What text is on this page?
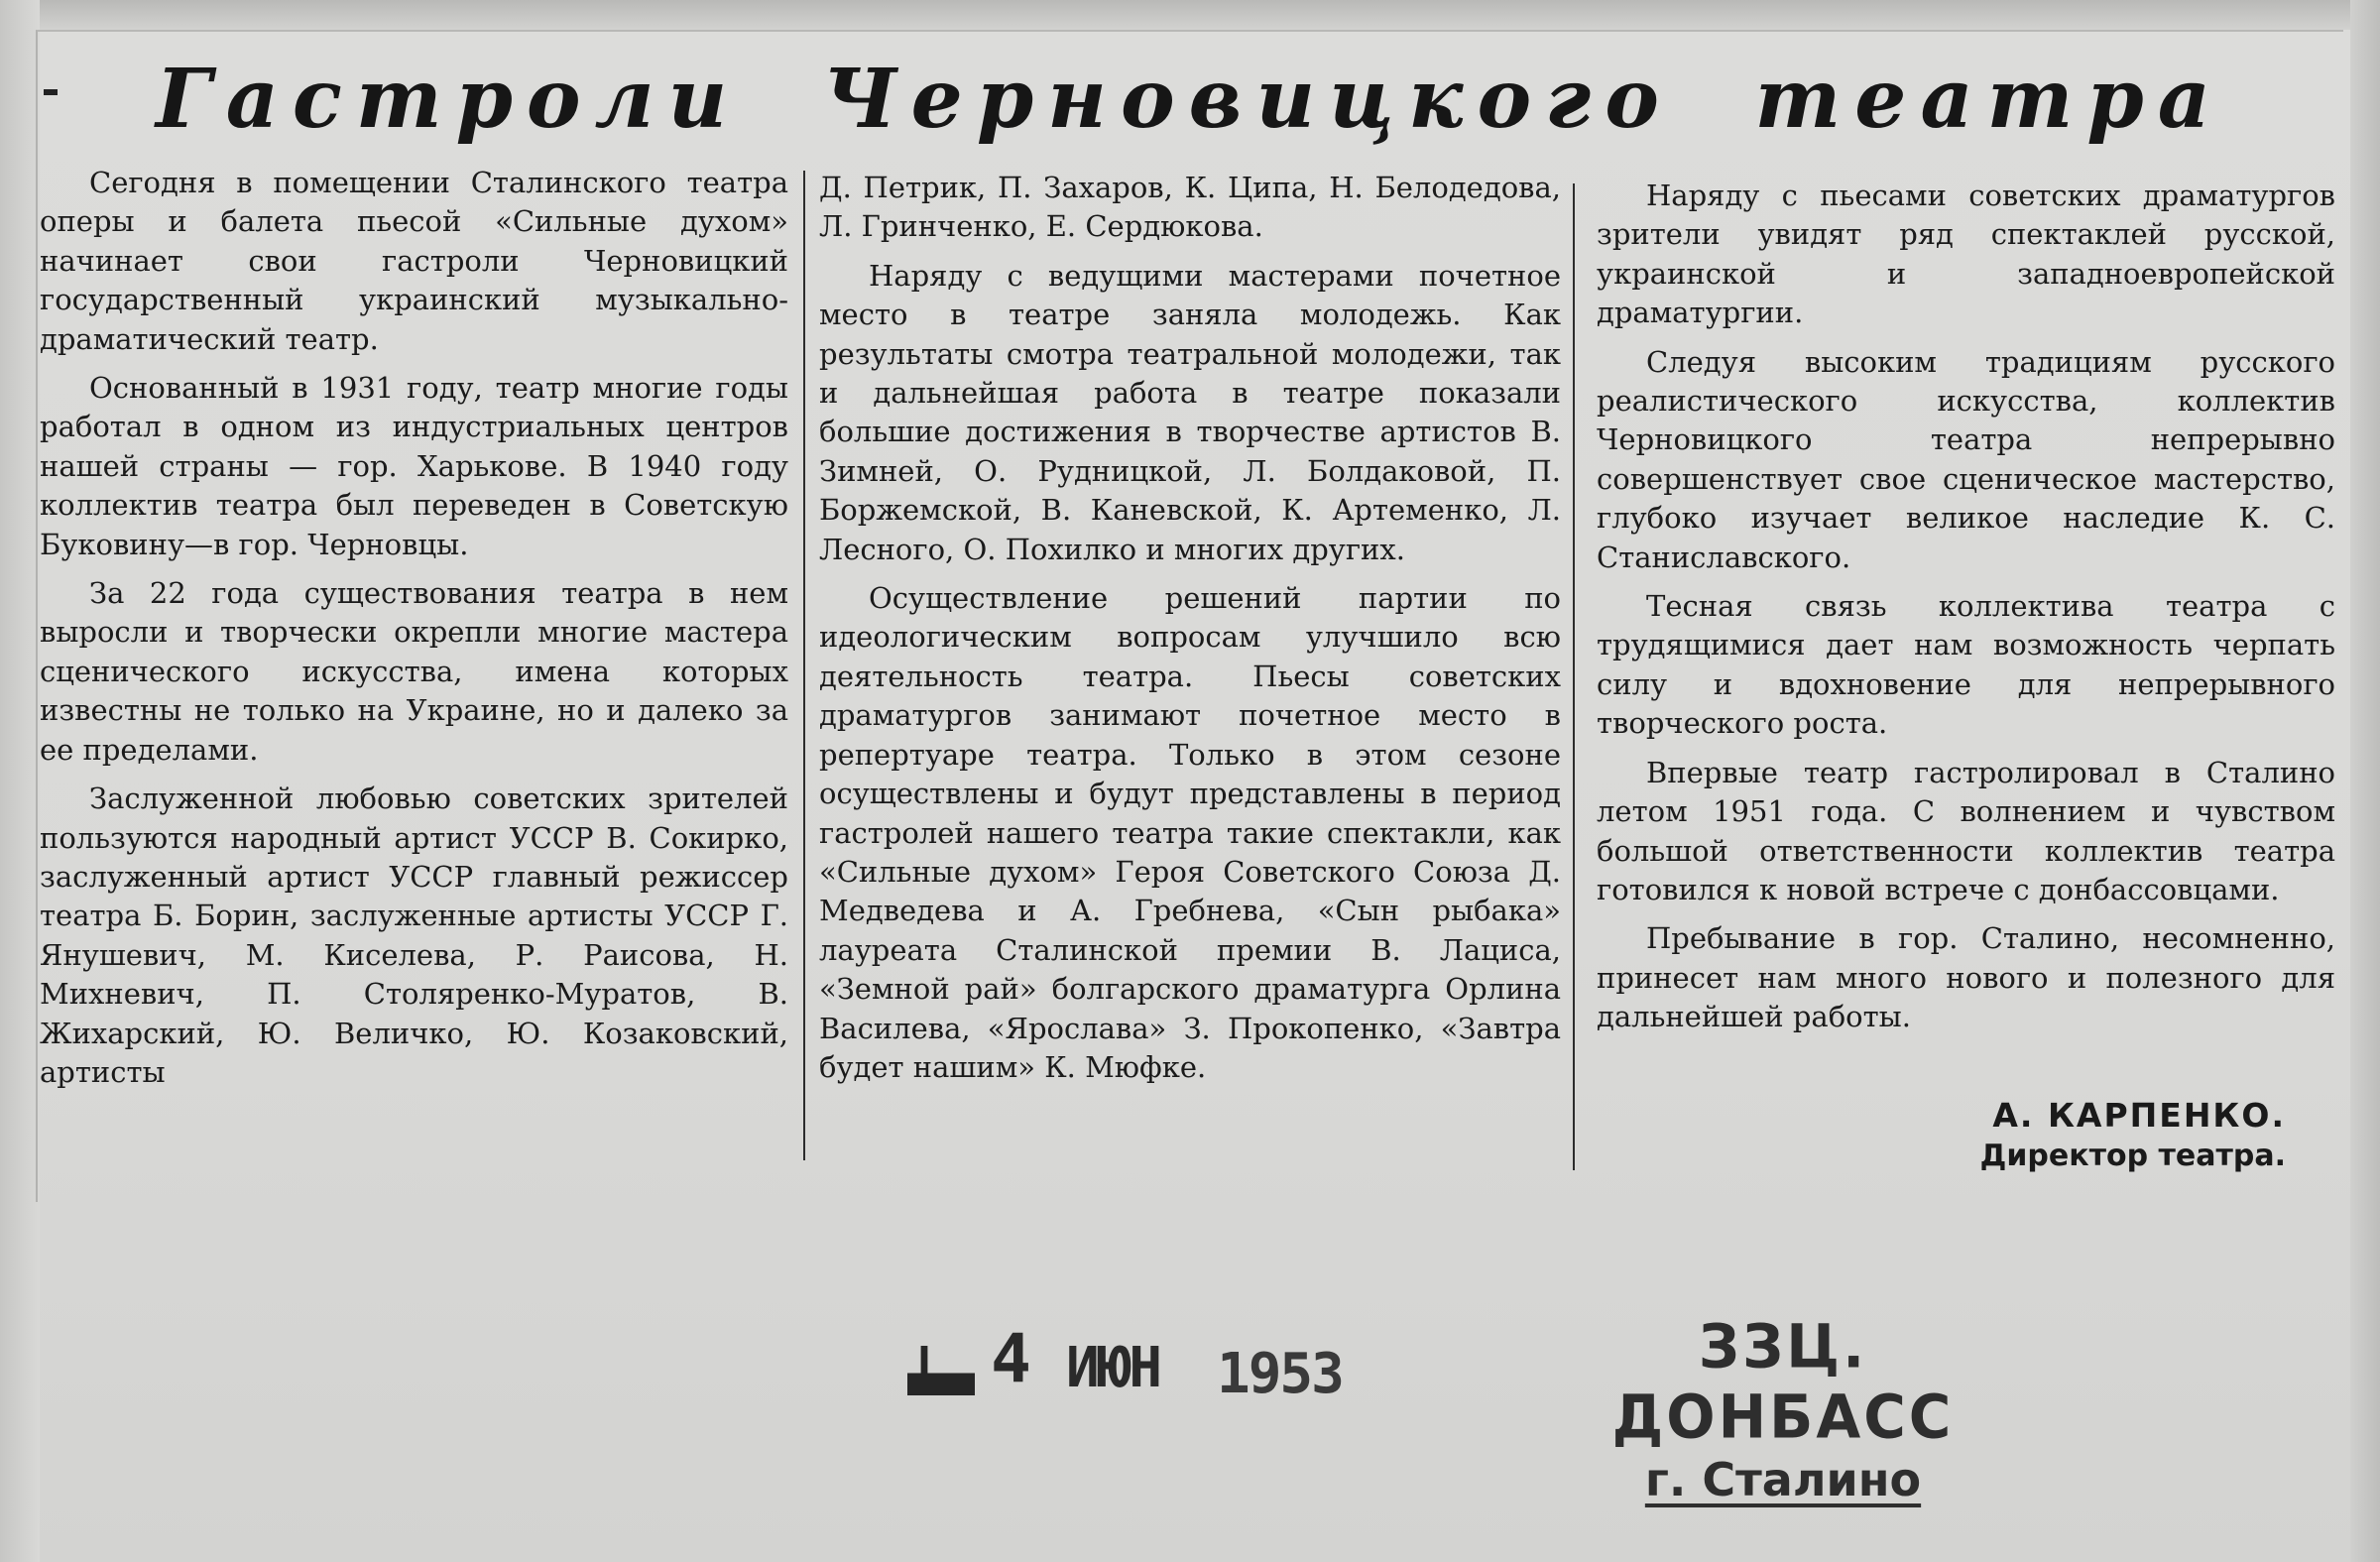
Гастроли Черновицкого театра

Сегодня в помещении Сталинского театра оперы и балета пьесой «Сильные духом» начинает свои гастроли Черновицкий государственный украинский музыкально-драматический театр.

Основанный в 1931 году, театр многие годы работал в одном из индустриальных центров нашей страны — гор. Харькове. В 1940 году коллектив театра был переведен в Советскую Буковину—в гор. Черновцы.

За 22 года существования театра в нем выросли и творчески окрепли многие мастера сценического искусства, имена которых известны не только на Украине, но и далеко за ее пределами.

Заслуженной любовью советских зрителей пользуются народный артист УССР В. Сокирко, заслуженный артист УССР главный режиссер театра Б. Борин, заслуженные артисты УССР Г. Янушевич, М. Киселева, Р. Раисова, Н. Михневич, П. Столяренко-Муратов, В. Жихарский, Ю. Величко, Ю. Козаковский, артисты

Д. Петрик, П. Захаров, К. Ципа, Н. Белодедова, Л. Гринченко, Е. Сердюкова.

Наряду с ведущими мастерами почетное место в театре заняла молодежь. Как результаты смотра театральной молодежи, так и дальнейшая работа в театре показали большие достижения в творчестве артистов В. Зимней, О. Рудницкой, Л. Болдаковой, П. Боржемской, В. Каневской, К. Артеменко, Л. Лесного, О. Похилко и многих других.

Осуществление решений партии по идеологическим вопросам улучшило всю деятельность театра. Пьесы советских драматургов занимают почетное место в репертуаре театра. Только в этом сезоне осуществлены и будут представлены в период гастролей нашего театра такие спектакли, как «Сильные духом» Героя Советского Союза Д. Медведева и А. Гребнева, «Сын рыбака» лауреата Сталинской премии В. Лациса, «Земной рай» болгарского драматурга Орлина Василева, «Ярослава» З. Прокопенко, «Завтра будет нашим» К. Мюфке.

Наряду с пьесами советских драматургов зрители увидят ряд спектаклей русской, украинской и западноевропейской драматургии.

Следуя высоким традициям русского реалистического искусства, коллектив Черновицкого театра непрерывно совершенствует свое сценическое мастерство, глубоко изучает великое наследие К. С. Станиславского.

Тесная связь коллектива театра с трудящимися дает нам возможность черпать силу и вдохновение для непрерывного творческого роста.

Впервые театр гастролировал в Сталино летом 1951 года. С волнением и чувством большой ответственности коллектив театра готовился к новой встрече с донбассовцами.

Пребывание в гор. Сталино, несомненно, принесет нам много нового и полезного для дальнейшей работы.

А. КАРПЕНКО.
Директор театра.
4 ИЮН 1953	ЗЗЦ. ДОНБАСС
г. Сталино
